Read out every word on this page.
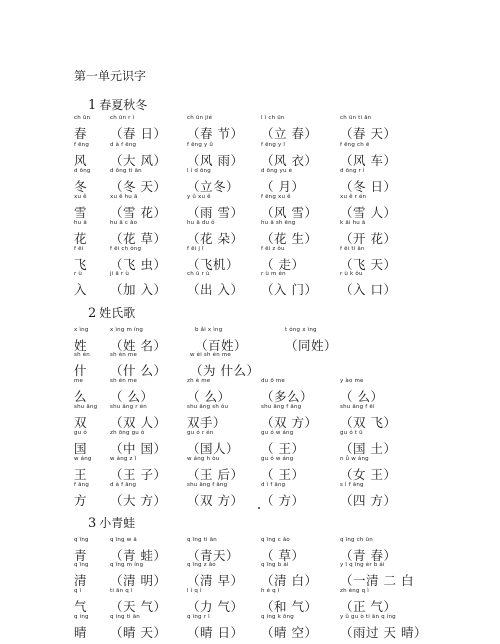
第一单元识字
1 春夏秋冬
ch ūn
春
ch ūn r ì
（春 日）
ch ūn jié
（春 节）
l ì ch ūn
（立 春）
ch ūn ti ān
（春 天）
f ēng
风
d à f ēng
（大 风）
f ēng y ǔ
（风 雨）
f ēng y ī
（风 衣）
f ēng ch ē
（风 车）
d ōng
冬
d ōng ti ān
（冬 天）
l ì d ōng
（立冬）
d ōng yu è
（ 月）
d ōng r ì
（冬 日）
xu ě
雪
xu ě hu ā
（雪 花）
y ǔ xu ě
（雨 雪）
f ēng xu ě
（风 雪）
xu ě r én
（雪 人）
hu ā
花
hu ā c ǎo
（花 草）
hu ā du ǒ
（花 朵）
hu ā sh ēng
（花 生）
k āi hu ā
（开 花）
f ēi
飞
f ēi ch óng
（飞 虫）
f ēi j ī
（飞机）
f ēi z ǒu
（ 走）
f ēi ti ān
（飞 天）
r ù
入
ji ā r ù
（加 入）
ch ū r ù
（出 入）
r ù m én
（入 门）
r ù k ǒu
（入 口）
2 姓氏歌
x ìng
姓
x ìng m íng
（姓 名）
b ǎi x ìng
（百姓）
t óng x ìng
（同姓）
sh én
什
sh én me
（什 么）
w èi sh én me
（为 什么）
me
么
sh én me
（ 么）
zh è me
（ 么）
du ō me
（多么）
y ào me
（ 么）
shu āng
双
shu āng r én
（双 人）
shu āng sh ǒu
双手）
shu āng f āng
（双 方）
shu āng f ēi
（双 飞）
gu ó
国
zh ōng gu ó
（中 国）
gu ó r én
（国人）
gu ó w áng
（ 王）
gu ó t ǔ
（国 土）
w áng
王
w áng z ǐ
（王 子）
w áng h òu
（王 后）
gu ó w áng
（ 王）
n ǚ w áng
（女 王）
f āng
方
d à f āng
（大 方）
shu āng f āng
（双 方）
d ì f āng
（ 方）
s ì f āng
（四 方）
3 小青蛙
q īng
青
q īng w ā
（青 蛙）
q īng ti ān
（青天）
q īng c ǎo
（ 草）
q īng ch ūn
（青 春）
q īng
清
q īng m íng
（清 明）
q īng z ǎo
（清 早）
q īng b ái
（清 白）
y ī q īng èr b ái
（一清 二 白
q ì
气
ti ān q ì
（天 气）
l ì q ì
（力 气）
h é q ì
（和 气）
zh èng q ì
（正 气）
q íng
晴
q íng ti ān
（晴 天）
q íng r ì
（晴 日）
q íng k ōng
（晴 空）
y ǔ gu ò ti ān q íng
（雨过 天 晴）
